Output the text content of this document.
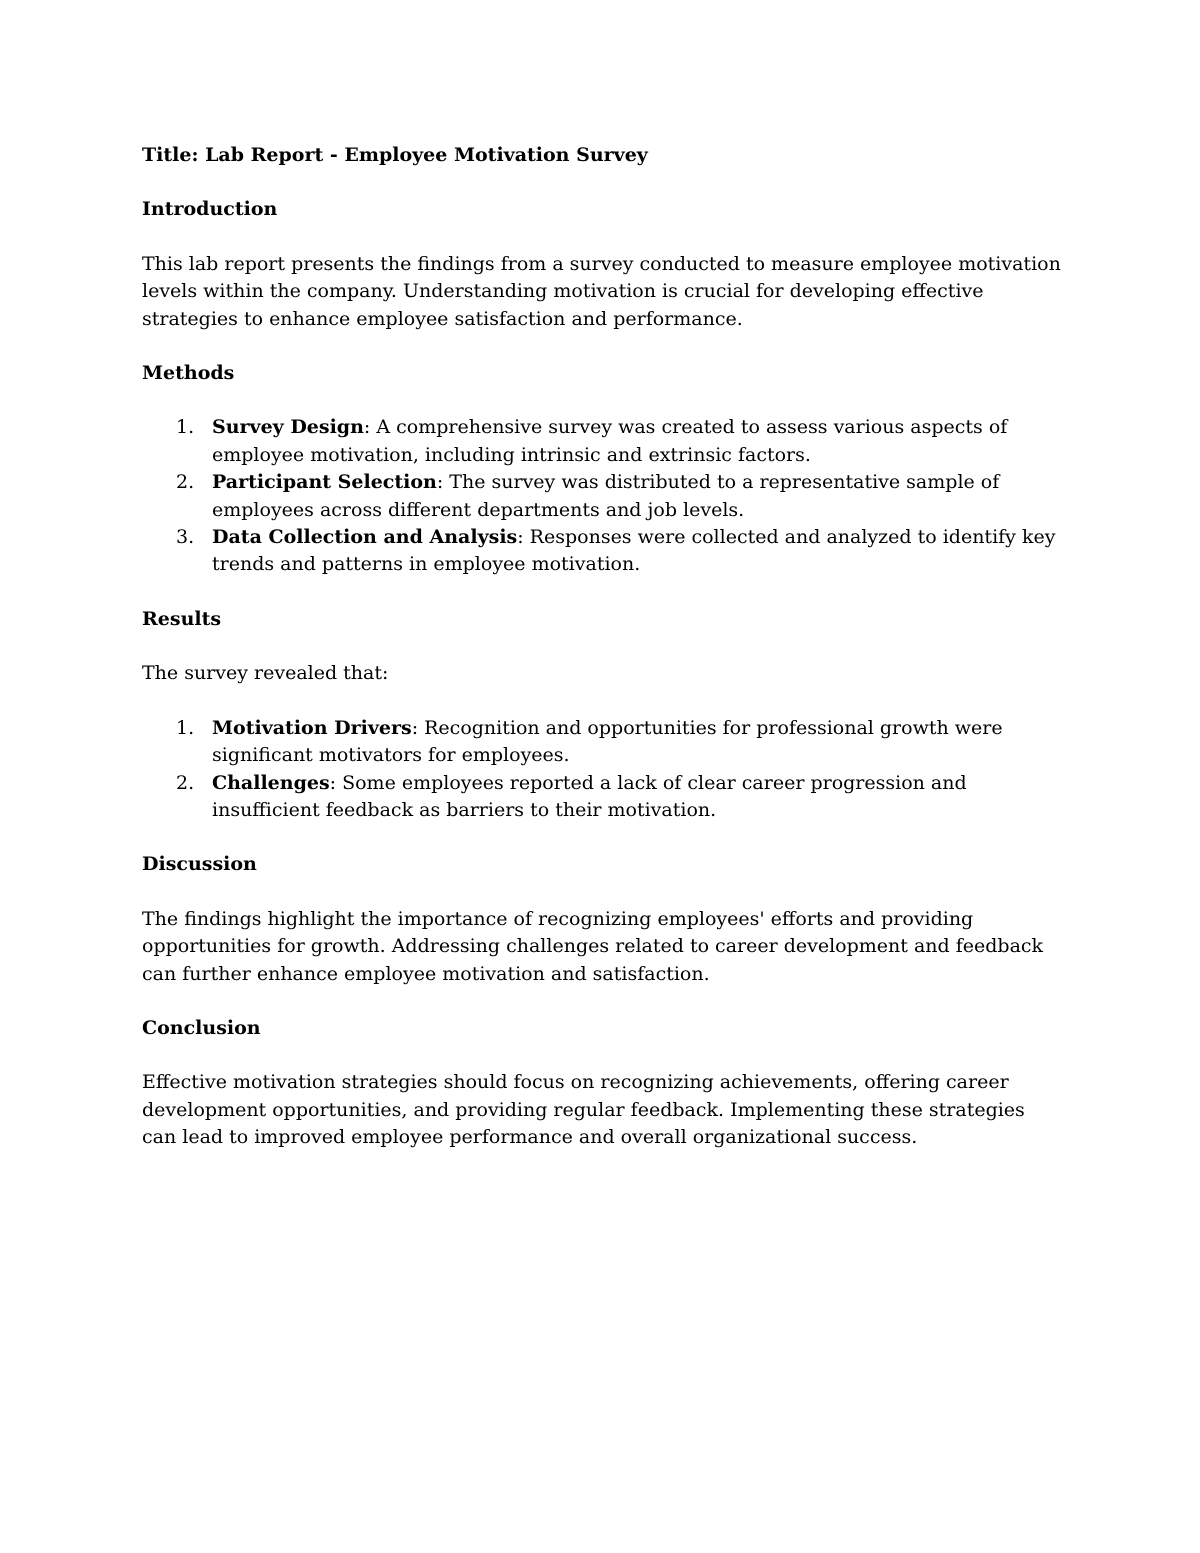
Title: Lab Report - Employee Motivation Survey
Introduction
This lab report presents the findings from a survey conducted to measure employee motivation levels within the company. Understanding motivation is crucial for developing effective strategies to enhance employee satisfaction and performance.
Methods
1. Survey Design: A comprehensive survey was created to assess various aspects of employee motivation, including intrinsic and extrinsic factors.
2. Participant Selection: The survey was distributed to a representative sample of employees across different departments and job levels.
3. Data Collection and Analysis: Responses were collected and analyzed to identify key trends and patterns in employee motivation.
Results
The survey revealed that:
1. Motivation Drivers: Recognition and opportunities for professional growth were significant motivators for employees.
2. Challenges: Some employees reported a lack of clear career progression and insufficient feedback as barriers to their motivation.
Discussion
The findings highlight the importance of recognizing employees' efforts and providing opportunities for growth. Addressing challenges related to career development and feedback can further enhance employee motivation and satisfaction.
Conclusion
Effective motivation strategies should focus on recognizing achievements, offering career development opportunities, and providing regular feedback. Implementing these strategies can lead to improved employee performance and overall organizational success.
